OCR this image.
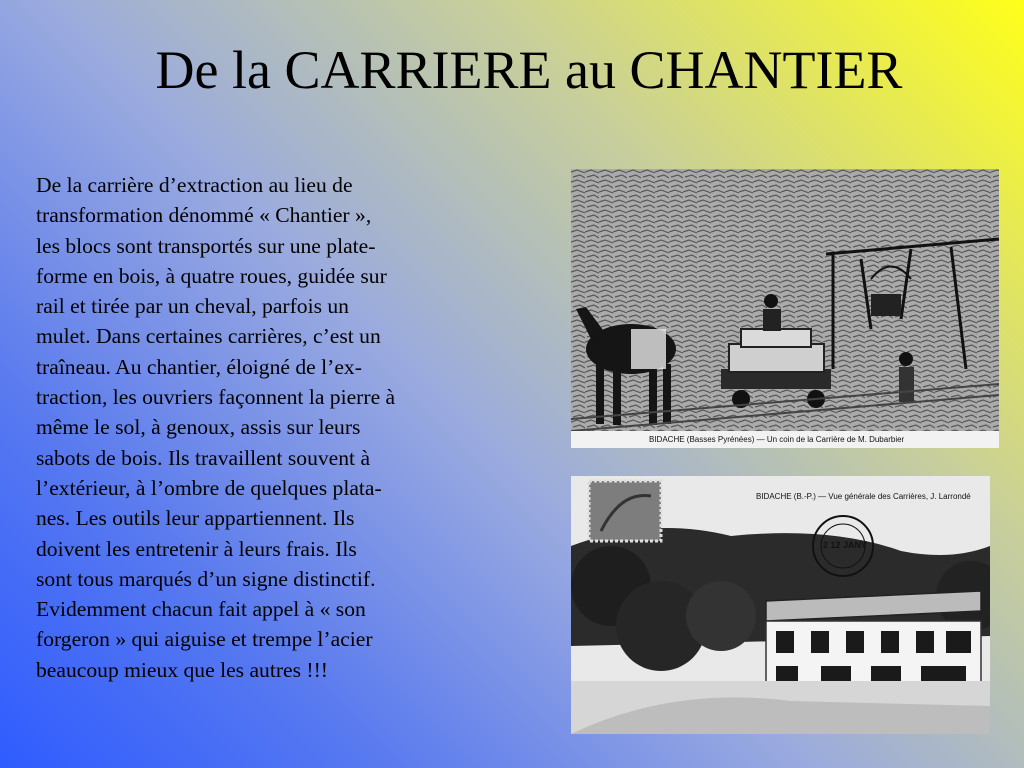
De la CARRIERE au CHANTIER
De la carrière d’extraction au lieu de
transformation dénommé « Chantier »,
les blocs sont transportés sur une plate-
forme en bois, à quatre roues, guidée sur
rail et tirée par un cheval, parfois un
mulet. Dans certaines carrières, c’est un
traîneau. Au chantier, éloigné de l’ex-
traction, les ouvriers façonnent la pierre à
même le sol, à genoux, assis sur leurs
sabots de bois. Ils travaillent souvent à
l’extérieur, à l’ombre de quelques plata-
nes. Les outils leur appartiennent. Ils
doivent les entretenir à leurs frais. Ils
sont tous marqués d’un signe distinctif.
Evidemment chacun fait appel à « son
forgeron » qui aiguise et trempe l’acier
beaucoup mieux que les autres !!!
BIDACHE (Basses Pyrénées) — Un coin de la Carrière de M. Dubarbier
BIDACHE (B.-P.) — Vue générale des Carrières, J. Larrondé
2 12 JANV
